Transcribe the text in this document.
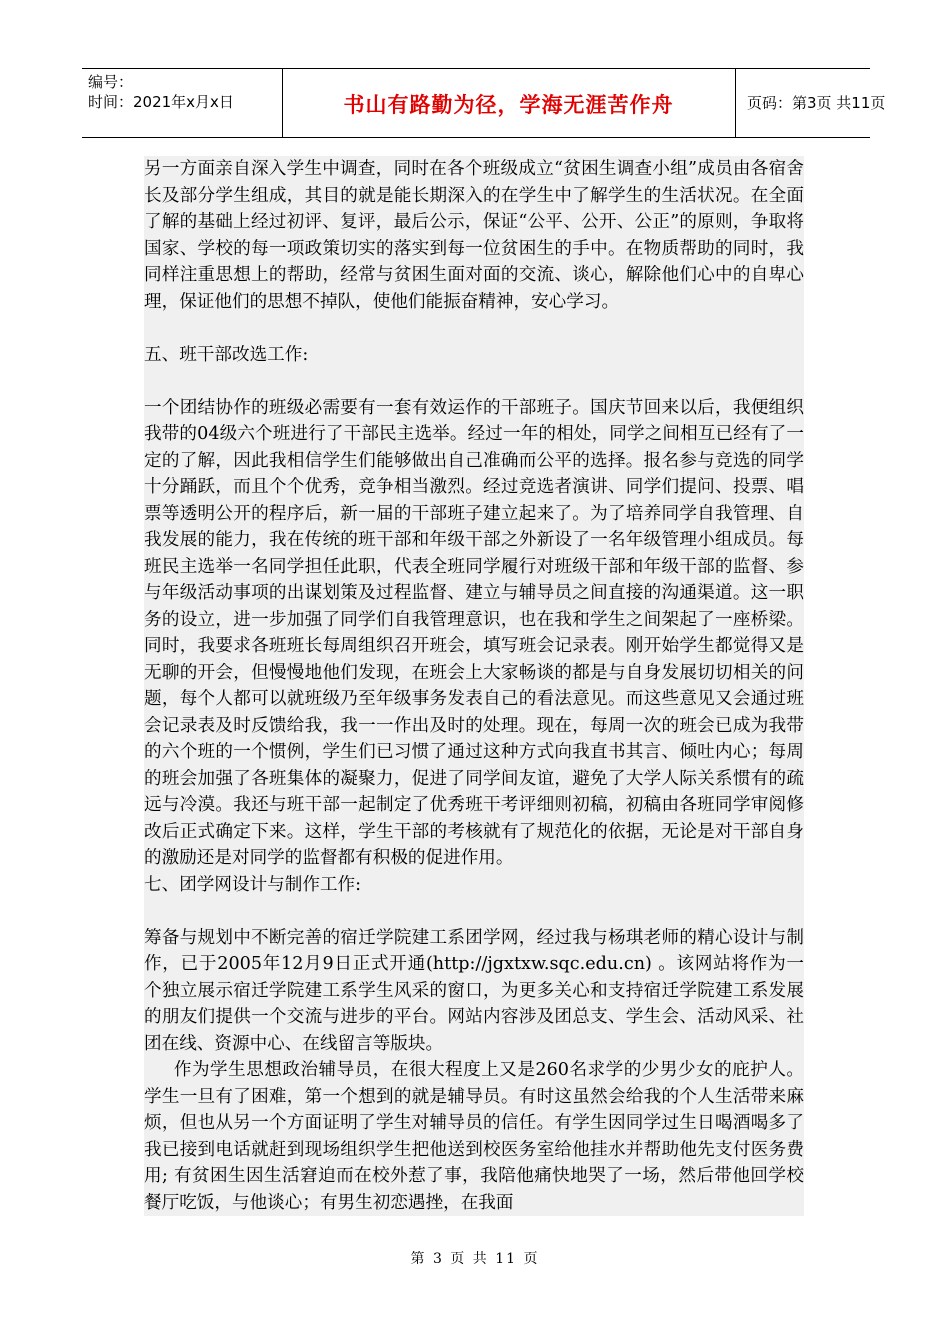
编号：
时间：2021年x月x日	书山有路勤为径，学海无涯苦作舟	页码：第3页 共11页

另一方面亲自深入学生中调查，同时在各个班级成立“贫困生调查小组”成员由各宿舍长及部分学生组成，其目的就是能长期深入的在学生中了解学生的生活状况。在全面了解的基础上经过初评、复评，最后公示，保证“公平、公开、公正”的原则，争取将国家、学校的每一项政策切实的落实到每一位贫困生的手中。在物质帮助的同时，我同样注重思想上的帮助，经常与贫困生面对面的交流、谈心，解除他们心中的自卑心理，保证他们的思想不掉队，使他们能振奋精神，安心学习。

五、班干部改选工作:

一个团结协作的班级必需要有一套有效运作的干部班子。国庆节回来以后，我便组织我带的04级六个班进行了干部民主选举。经过一年的相处，同学之间相互已经有了一定的了解，因此我相信学生们能够做出自己准确而公平的选择。报名参与竞选的同学十分踊跃，而且个个优秀，竞争相当激烈。经过竞选者演讲、同学们提问、投票、唱票等透明公开的程序后，新一届的干部班子建立起来了。为了培养同学自我管理、自我发展的能力，我在传统的班干部和年级干部之外新设了一名年级管理小组成员。每班民主选举一名同学担任此职，代表全班同学履行对班级干部和年级干部的监督、参与年级活动事项的出谋划策及过程监督、建立与辅导员之间直接的沟通渠道。这一职务的设立，进一步加强了同学们自我管理意识，也在我和学生之间架起了一座桥梁。同时，我要求各班班长每周组织召开班会，填写班会记录表。刚开始学生都觉得又是无聊的开会，但慢慢地他们发现，在班会上大家畅谈的都是与自身发展切切相关的问题，每个人都可以就班级乃至年级事务发表自己的看法意见。而这些意见又会通过班会记录表及时反馈给我，我一一作出及时的处理。现在，每周一次的班会已成为我带的六个班的一个惯例，学生们已习惯了通过这种方式向我直书其言、倾吐内心；每周的班会加强了各班集体的凝聚力，促进了同学间友谊，避免了大学人际关系惯有的疏远与冷漠。我还与班干部一起制定了优秀班干考评细则初稿，初稿由各班同学审阅修改后正式确定下来。这样，学生干部的考核就有了规范化的依据，无论是对干部自身的激励还是对同学的监督都有积极的促进作用。

七、团学网设计与制作工作:

筹备与规划中不断完善的宿迁学院建工系团学网，经过我与杨琪老师的精心设计与制作，已于2005年12月9日正式开通(http://jgxtxw.sqc.edu.cn) 。该网站将作为一个独立展示宿迁学院建工系学生风采的窗口，为更多关心和支持宿迁学院建工系发展的朋友们提供一个交流与进步的平台。网站内容涉及团总支、学生会、活动风采、社团在线、资源中心、在线留言等版块。

作为学生思想政治辅导员，在很大程度上又是260名求学的少男少女的庇护人。学生一旦有了困难，第一个想到的就是辅导员。有时这虽然会给我的个人生活带来麻烦，但也从另一个方面证明了学生对辅导员的信任。有学生因同学过生日喝酒喝多了我已接到电话就赶到现场组织学生把他送到校医务室给他挂水并帮助他先支付医务费用; 有贫困生因生活窘迫而在校外惹了事，我陪他痛快地哭了一场，然后带他回学校餐厅吃饭，与他谈心；有男生初恋遇挫，在我面

第 3 页 共 11 页
